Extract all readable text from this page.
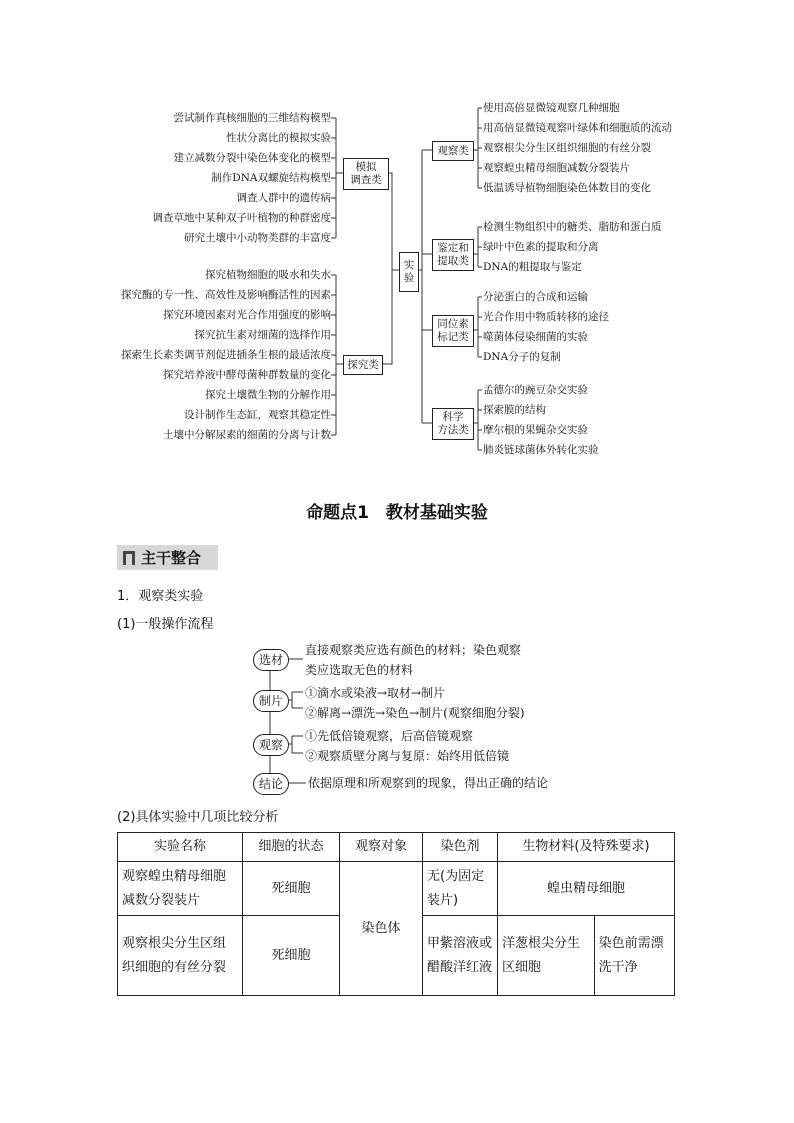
尝试制作真核细胞的三维结构模型
性状分离比的模拟实验
建立减数分裂中染色体变化的模型
制作DNA双螺旋结构模型
调查人群中的遗传病
调查草地中某种双子叶植物的种群密度
研究土壤中小动物类群的丰富度
模拟
调查类
探究植物细胞的吸水和失水
探究酶的专一性、高效性及影响酶活性的因素
探究环境因素对光合作用强度的影响
探究抗生素对细菌的选择作用
探索生长素类调节剂促进插条生根的最适浓度
探究培养液中酵母菌种群数量的变化
探究土壤微生物的分解作用
设计制作生态缸，观察其稳定性
土壤中分解尿素的细菌的分离与计数
探究类
实
验
观察类
使用高倍显微镜观察几种细胞
用高倍显微镜观察叶绿体和细胞质的流动
观察根尖分生区组织细胞的有丝分裂
观察蝗虫精母细胞减数分裂装片
低温诱导植物细胞染色体数目的变化
鉴定和
提取类
检测生物组织中的糖类、脂肪和蛋白质
绿叶中色素的提取和分离
DNA的粗提取与鉴定
同位素
标记类
分泌蛋白的合成和运输
光合作用中物质转移的途径
噬菌体侵染细菌的实验
DNA分子的复制
科学
方法类
孟德尔的豌豆杂交实验
探索膜的结构
摩尔根的果蝇杂交实验
肺炎链球菌体外转化实验
命题点1　教材基础实验
主干整合
1．观察类实验
(1)一般操作流程
选材
直接观察类应选有颜色的材料；染色观察
类应选取无色的材料
制片
①滴水或染液→取材→制片
②解离→漂洗→染色→制片(观察细胞分裂)
观察
①先低倍镜观察，后高倍镜观察
②观察质壁分离与复原：始终用低倍镜
结论	依据原理和所观察到的现象，得出正确的结论
(2)具体实验中几项比较分析
实验名称	细胞的状态	观察对象	染色剂	生物材料(及特殊要求)	
观察蝗虫精母细胞减数分裂装片	死细胞	染色体	无(为固定装片)	蝗虫精母细胞	
观察根尖分生区组织细胞的有丝分裂	死细胞		甲紫溶液或醋酸洋红液	洋葱根尖分生区细胞	染色前需漂洗干净
